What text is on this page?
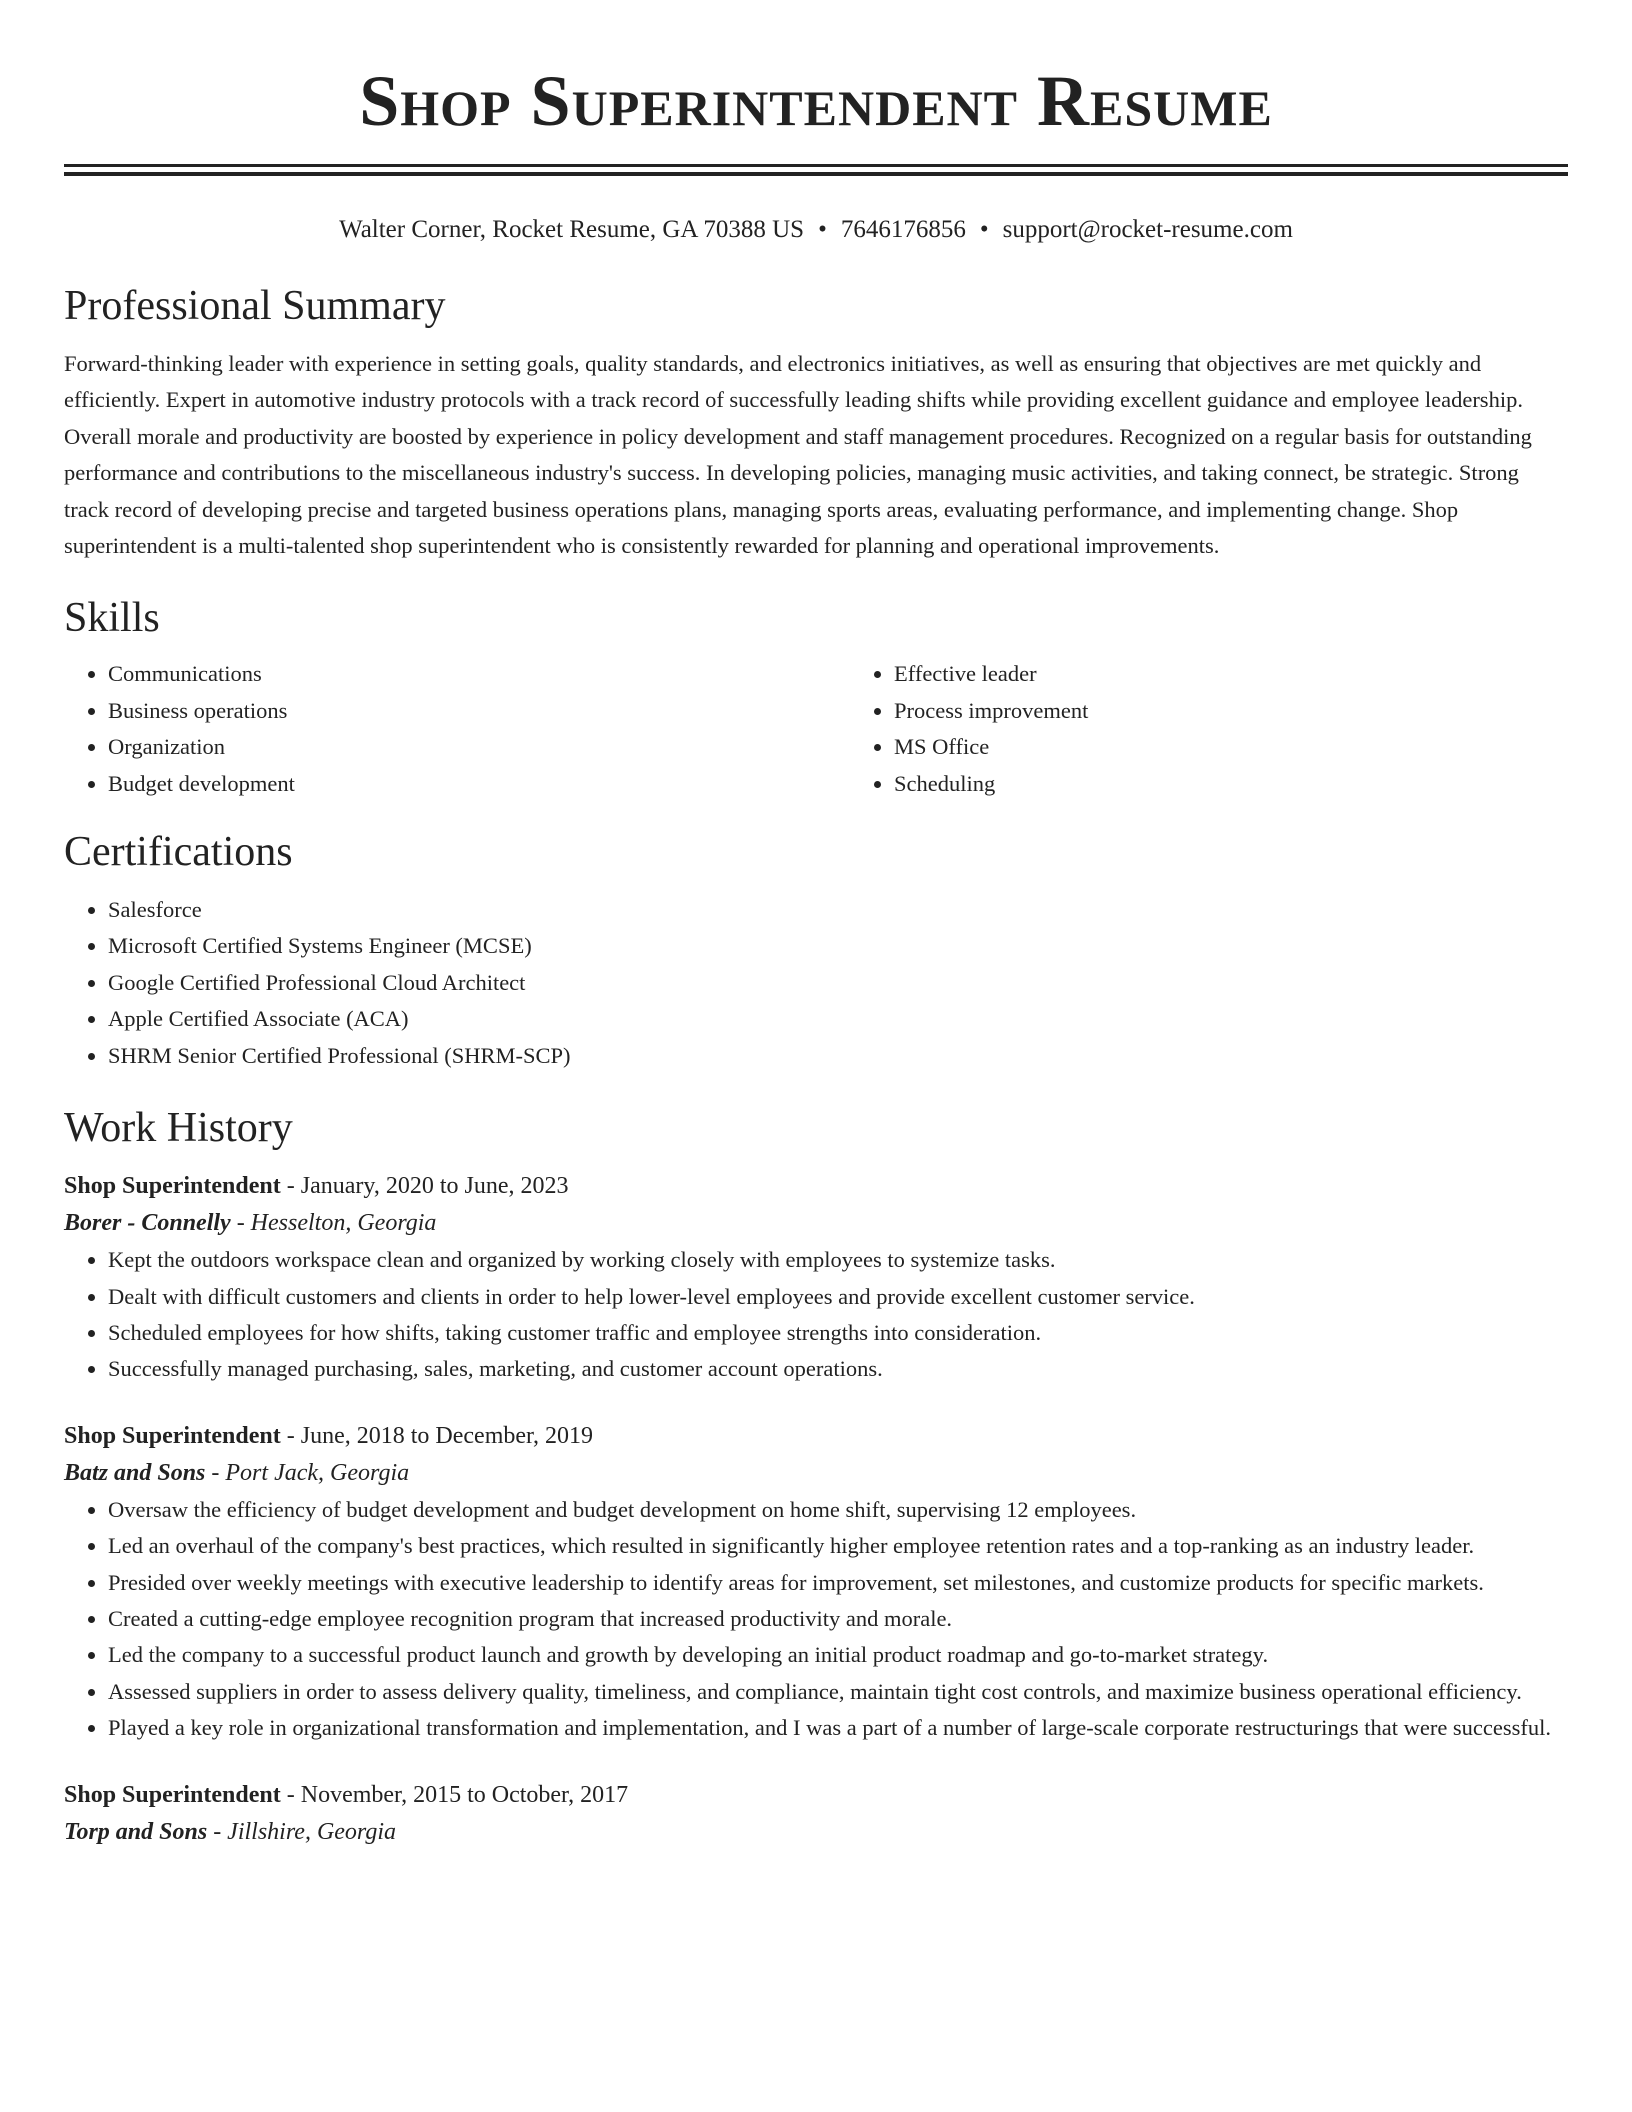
Shop Superintendent Resume
Walter Corner, Rocket Resume, GA 70388 US • 7646176856 • support@rocket-resume.com
Professional Summary

Forward-thinking leader with experience in setting goals, quality standards, and electronics initiatives, as well as ensuring that objectives are met quickly and efficiently. Expert in automotive industry protocols with a track record of successfully leading shifts while providing excellent guidance and employee leadership. Overall morale and productivity are boosted by experience in policy development and staff management procedures. Recognized on a regular basis for outstanding performance and contributions to the miscellaneous industry's success. In developing policies, managing music activities, and taking connect, be strategic. Strong track record of developing precise and targeted business operations plans, managing sports areas, evaluating performance, and implementing change. Shop superintendent is a multi-talented shop superintendent who is consistently rewarded for planning and operational improvements.

Skills
• Communications
• Business operations
• Organization
• Budget development
• Effective leader
• Process improvement
• MS Office
• Scheduling
Certifications
• Salesforce
• Microsoft Certified Systems Engineer (MCSE)
• Google Certified Professional Cloud Architect
• Apple Certified Associate (ACA)
• SHRM Senior Certified Professional (SHRM-SCP)
Work History
Shop Superintendent - January, 2020 to June, 2023
Borer - Connelly - Hesselton, Georgia
• Kept the outdoors workspace clean and organized by working closely with employees to systemize tasks.
• Dealt with difficult customers and clients in order to help lower-level employees and provide excellent customer service.
• Scheduled employees for how shifts, taking customer traffic and employee strengths into consideration.
• Successfully managed purchasing, sales, marketing, and customer account operations.
Shop Superintendent - June, 2018 to December, 2019
Batz and Sons - Port Jack, Georgia
• Oversaw the efficiency of budget development and budget development on home shift, supervising 12 employees.
• Led an overhaul of the company's best practices, which resulted in significantly higher employee retention rates and a top-ranking as an industry leader.
• Presided over weekly meetings with executive leadership to identify areas for improvement, set milestones, and customize products for specific markets.
• Created a cutting-edge employee recognition program that increased productivity and morale.
• Led the company to a successful product launch and growth by developing an initial product roadmap and go-to-market strategy.
• Assessed suppliers in order to assess delivery quality, timeliness, and compliance, maintain tight cost controls, and maximize business operational efficiency.
• Played a key role in organizational transformation and implementation, and I was a part of a number of large-scale corporate restructurings that were successful.
Shop Superintendent - November, 2015 to October, 2017
Torp and Sons - Jillshire, Georgia
